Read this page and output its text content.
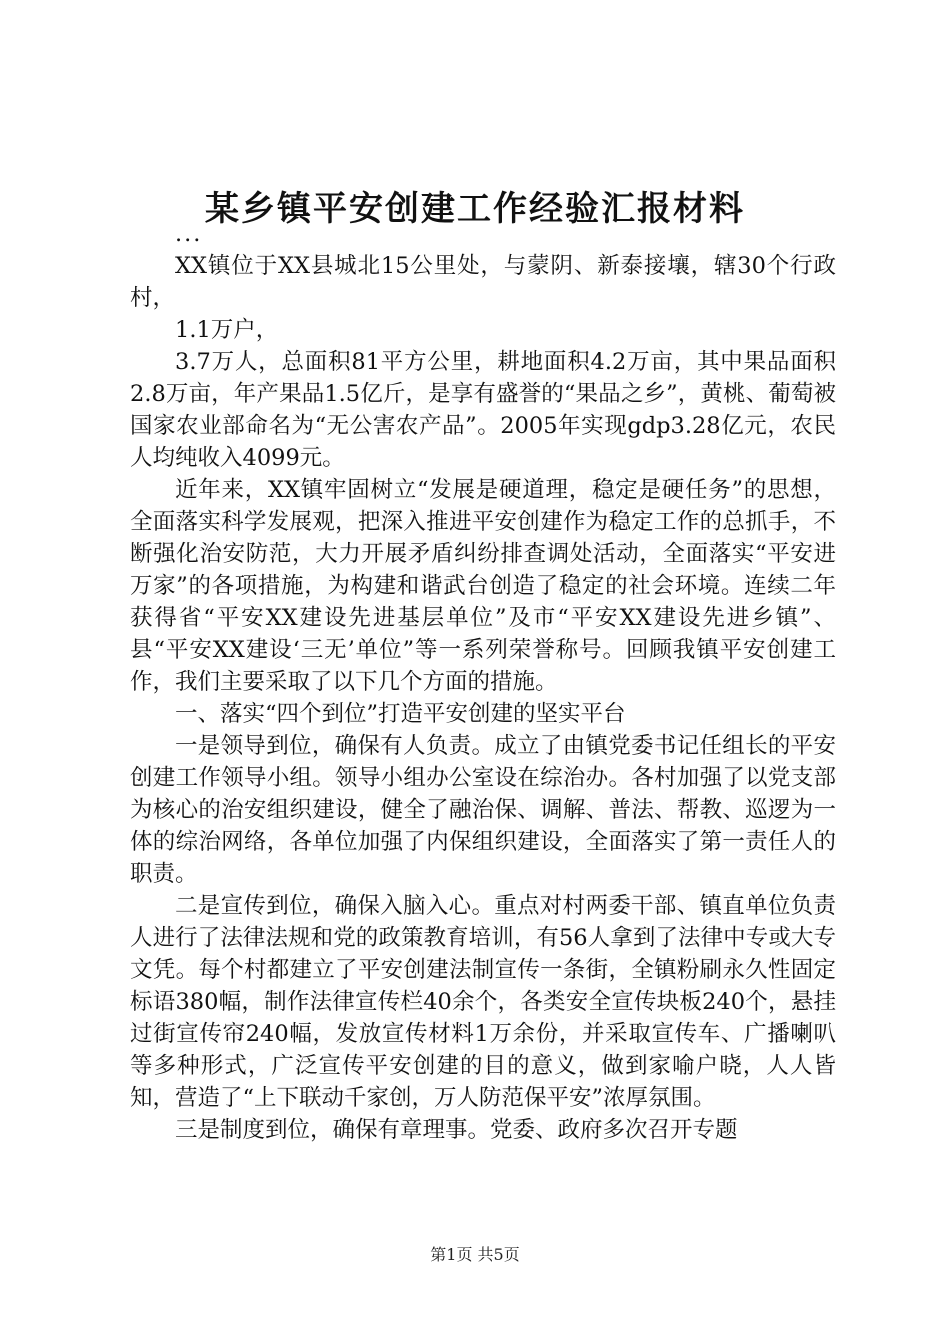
某乡镇平安创建工作经验汇报材料

...

XX镇位于XX县城北15公里处，与蒙阴、新泰接壤，辖30个行政村，

1.1万户，

3.7万人，总面积81平方公里，耕地面积4.2万亩，其中果品面积2.8万亩，年产果品1.5亿斤，是享有盛誉的“果品之乡”，黄桃、葡萄被国家农业部命名为“无公害农产品”。2005年实现gdp3.28亿元，农民人均纯收入4099元。

近年来，XX镇牢固树立“发展是硬道理，稳定是硬任务”的思想，全面落实科学发展观，把深入推进平安创建作为稳定工作的总抓手，不断强化治安防范，大力开展矛盾纠纷排查调处活动，全面落实“平安进万家”的各项措施，为构建和谐武台创造了稳定的社会环境。连续二年获得省“平安XX建设先进基层单位”及市“平安XX建设先进乡镇”、县“平安XX建设‘三无’单位”等一系列荣誉称号。回顾我镇平安创建工作，我们主要采取了以下几个方面的措施。

一、落实“四个到位”打造平安创建的坚实平台

一是领导到位，确保有人负责。成立了由镇党委书记任组长的平安创建工作领导小组。领导小组办公室设在综治办。各村加强了以党支部为核心的治安组织建设，健全了融治保、调解、普法、帮教、巡逻为一体的综治网络，各单位加强了内保组织建设，全面落实了第一责任人的职责。

二是宣传到位，确保入脑入心。重点对村两委干部、镇直单位负责人进行了法律法规和党的政策教育培训，有56人拿到了法律中专或大专文凭。每个村都建立了平安创建法制宣传一条街，全镇粉刷永久性固定标语380幅，制作法律宣传栏40余个，各类安全宣传块板240个，悬挂过街宣传帘240幅，发放宣传材料1万余份，并采取宣传车、广播喇叭等多种形式，广泛宣传平安创建的目的意义，做到家喻户晓，人人皆知，营造了“上下联动千家创，万人防范保平安”浓厚氛围。

三是制度到位，确保有章理事。党委、政府多次召开专题

第1页 共5页
